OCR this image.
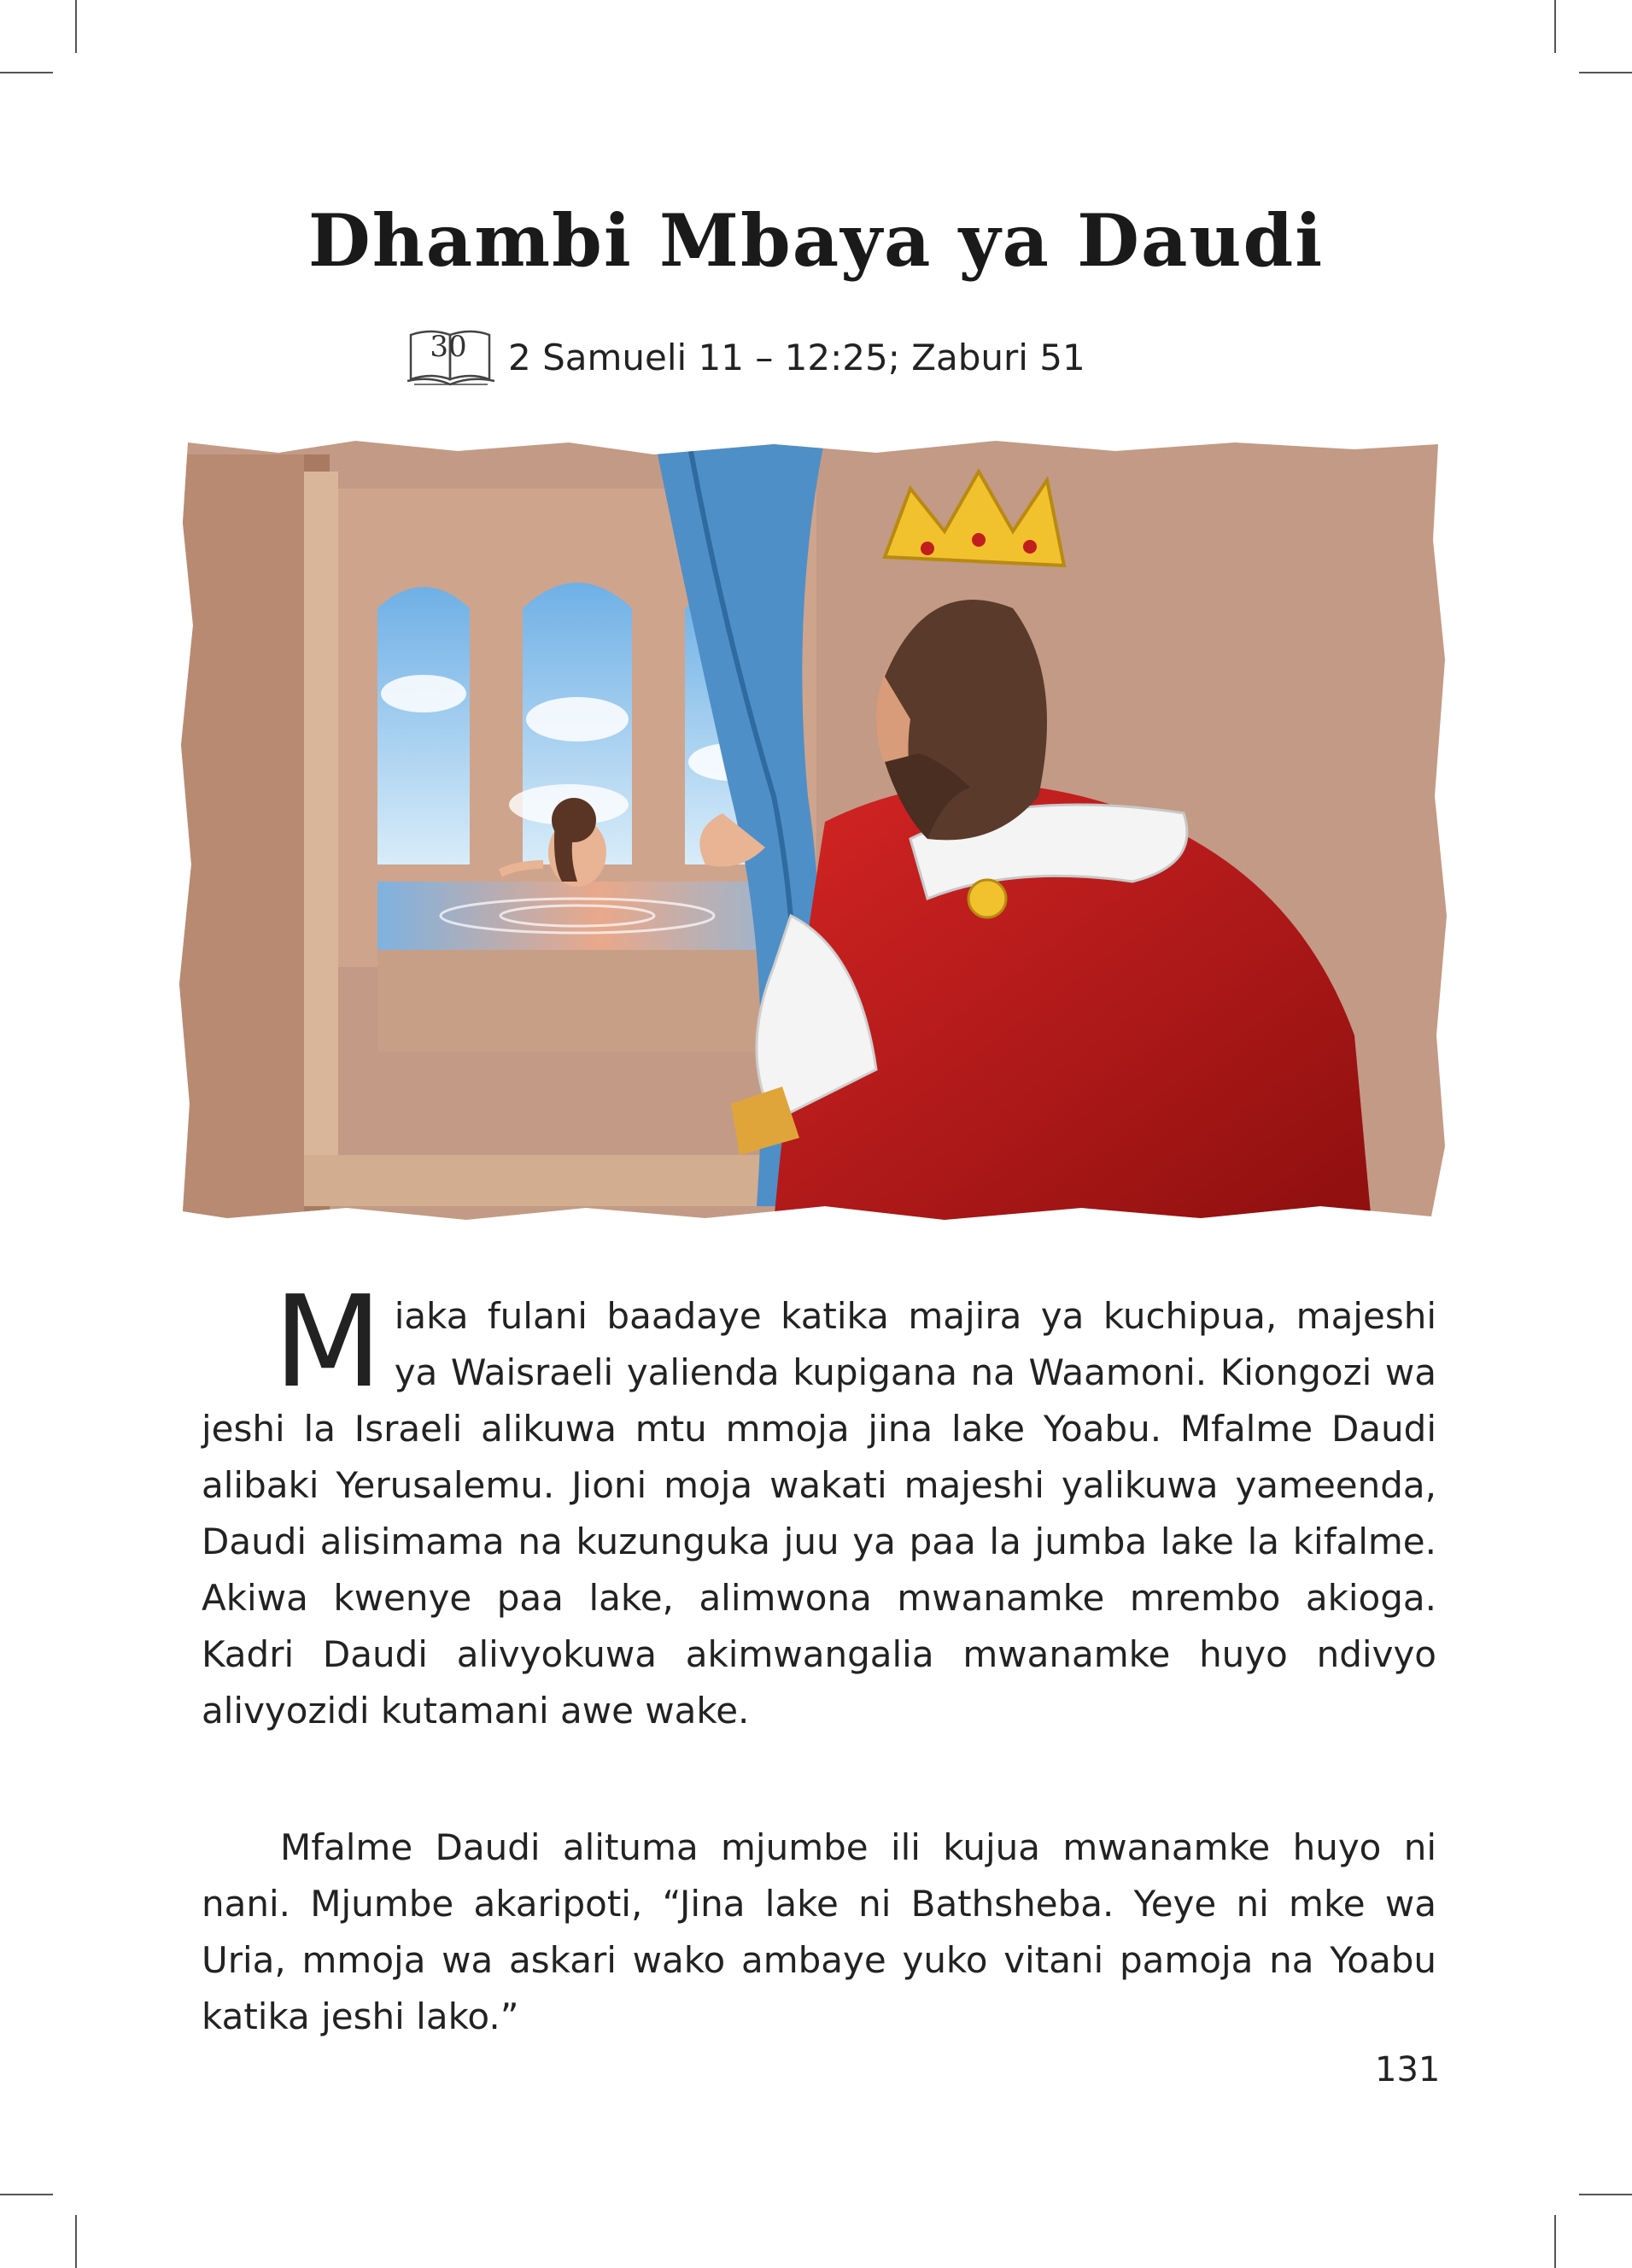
Dhambi Mbaya ya Daudi
30	2 Samueli 11 – 12:25; Zaburi 51
Miaka fulani baadaye katika majira ya kuchipua, majeshi ya Waisraeli yalienda kupigana na Waamoni. Kiongozi wa jeshi la Israeli alikuwa mtu mmoja jina lake Yoabu. Mfalme Daudi alibaki Yerusalemu. Jioni moja wakati majeshi yalikuwa yameenda, Daudi alisimama na kuzunguka juu ya paa la jumba lake la kifalme. Akiwa kwenye paa lake, alimwona mwanamke mrembo akioga. Kadri Daudi alivyokuwa akimwangalia mwanamke huyo ndivyo alivyozidi kutamani awe wake.
Mfalme Daudi alituma mjumbe ili kujua mwanamke huyo ni nani. Mjumbe akaripoti, “Jina lake ni Bathsheba. Yeye ni mke wa Uria, mmoja wa askari wako ambaye yuko vitani pamoja na Yoabu katika jeshi lako.”
131
